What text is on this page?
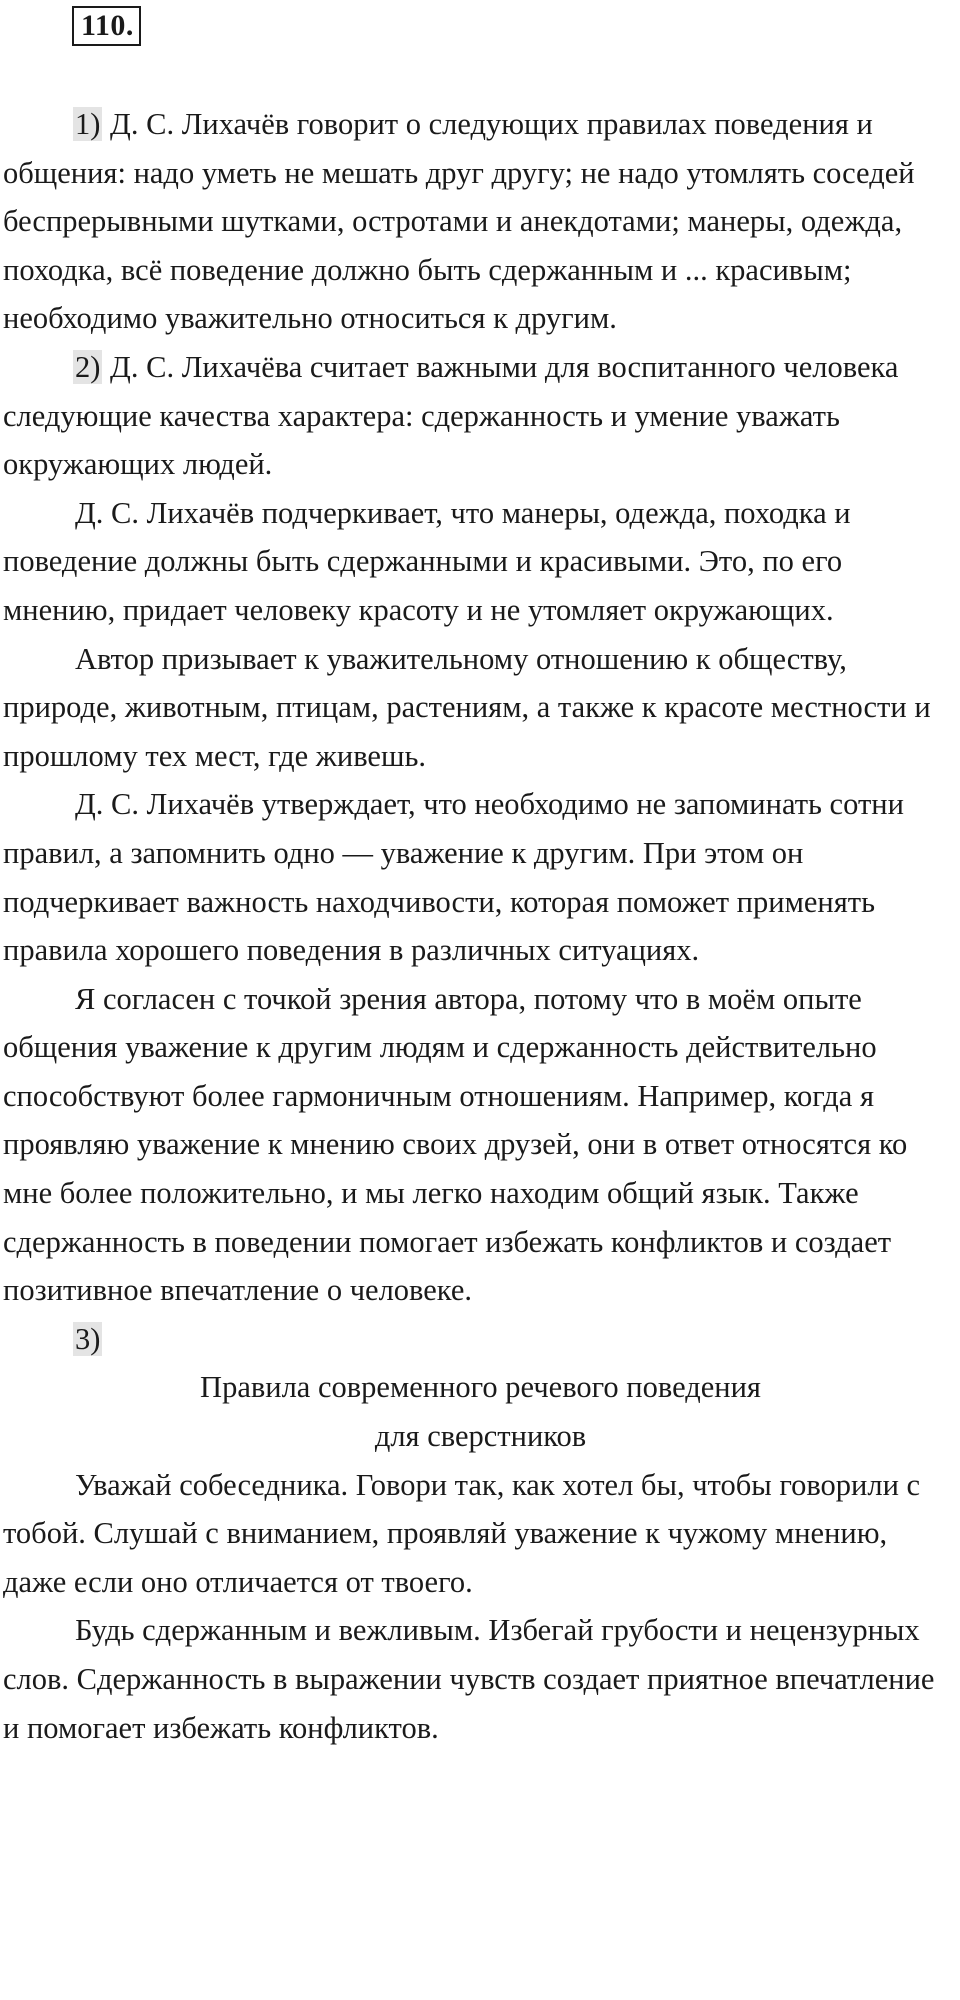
110.

1) Д. С. Лихачёв говорит о следующих правилах поведения и общения: надо уметь не мешать друг другу; не надо утомлять соседей беспрерывными шутками, остротами и анекдотами; манеры, одежда, походка, всё поведение должно быть сдержанным и ... красивым; необходимо уважительно относиться к другим.

2) Д. С. Лихачёва считает важными для воспитанного человека следующие качества характера: сдержанность и умение уважать окружающих людей.

Д. С. Лихачёв подчеркивает, что манеры, одежда, походка и поведение должны быть сдержанными и красивыми. Это, по его мнению, придает человеку красоту и не утомляет окружающих.

Автор призывает к уважительному отношению к обществу, природе, животным, птицам, растениям, а также к красоте местности и прошлому тех мест, где живешь.

Д. С. Лихачёв утверждает, что необходимо не запоминать сотни правил, а запомнить одно — уважение к другим. При этом он подчеркивает важность находчивости, которая поможет применять правила хорошего поведения в различных ситуациях.

Я согласен с точкой зрения автора, потому что в моём опыте общения уважение к другим людям и сдержанность действительно способствуют более гармоничным отношениям. Например, когда я проявляю уважение к мнению своих друзей, они в ответ относятся ко мне более положительно, и мы легко находим общий язык. Также сдержанность в поведении помогает избежать конфликтов и создает позитивное впечатление о человеке.

3)

Правила современного речевого поведения

для сверстников

Уважай собеседника. Говори так, как хотел бы, чтобы говорили с тобой. Слушай с вниманием, проявляй уважение к чужому мнению, даже если оно отличается от твоего.

Будь сдержанным и вежливым. Избегай грубости и нецензурных слов. Сдержанность в выражении чувств создает приятное впечатление и помогает избежать конфликтов.
